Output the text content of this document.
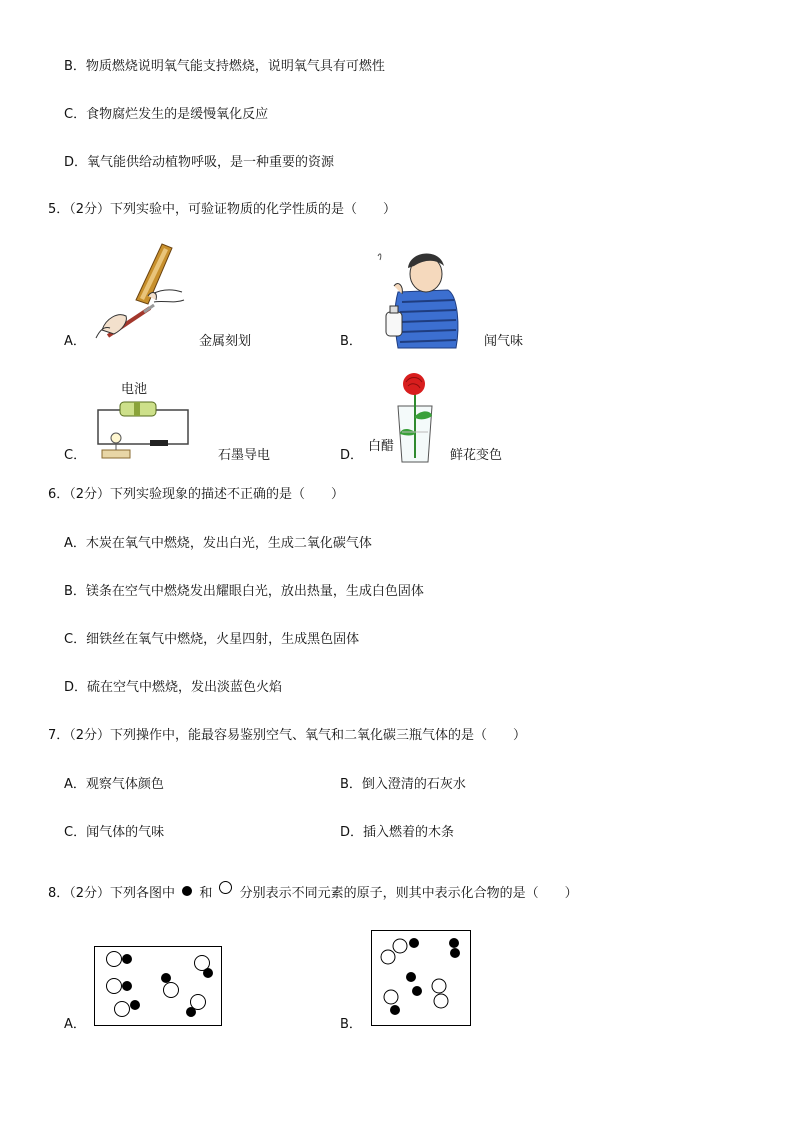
B．物质燃烧说明氧气能支持燃烧，说明氧气具有可燃性
C．食物腐烂发生的是缓慢氧化反应
D．氧气能供给动植物呼吸，是一种重要的资源
5．（2分）下列实验中，可验证物质的化学性质的是（　　）
A．	金属刻划	B．	闻气味
电池
C．	石墨导电
白醋
D．	鲜花变色
6．（2分）下列实验现象的描述不正确的是（　　）
A．木炭在氧气中燃烧，发出白光，生成二氧化碳气体
B．镁条在空气中燃烧发出耀眼白光，放出热量，生成白色固体
C．细铁丝在氧气中燃烧，火星四射，生成黑色固体
D．硫在空气中燃烧，发出淡蓝色火焰
7．（2分）下列操作中，能最容易鉴别空气、氧气和二氧化碳三瓶气体的是（　　）
A．观察气体颜色	B．倒入澄清的石灰水
C．闻气体的气味	D．插入燃着的木条
8．（2分）下列各图中 和 分别表示不同元素的原子，则其中表示化合物的是（　　）
A．	B．
